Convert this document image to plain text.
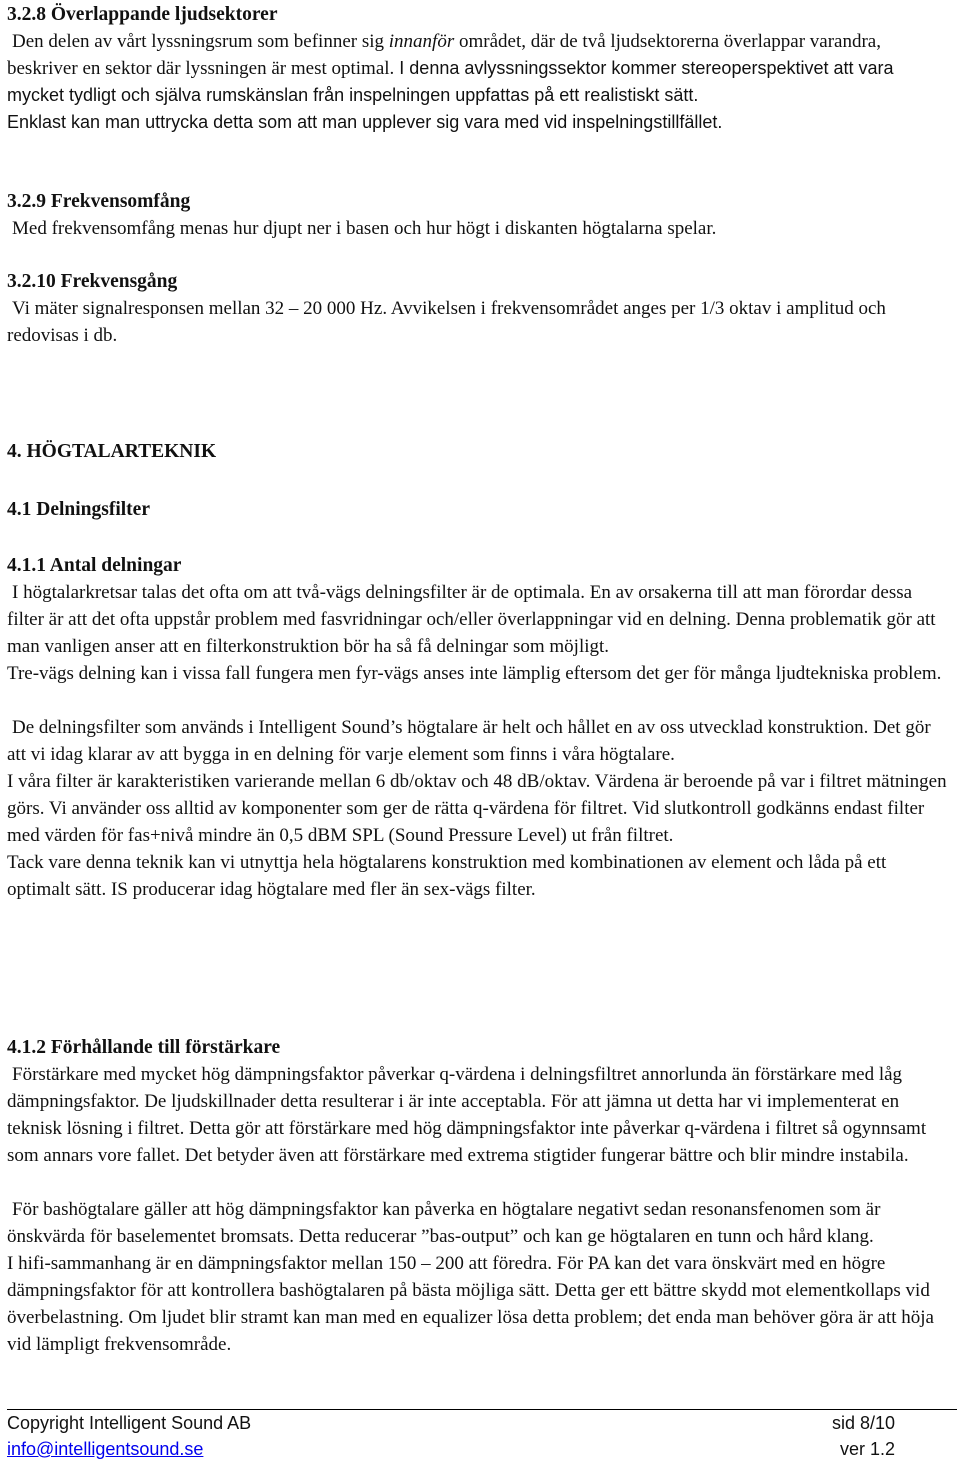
3.2.8 Överlappande ljudsektorer

Den delen av vårt lyssningsrum som befinner sig innanför området, där de två ljudsektorerna överlappar varandra, beskriver en sektor där lyssningen är mest optimal. I denna avlyssningssektor kommer stereoperspektivet att vara mycket tydligt och själva rumskänslan från inspelningen uppfattas på ett realistiskt sätt.

Enklast kan man uttrycka detta som att man upplever sig vara med vid inspelningstillfället.

3.2.9 Frekvensomfång

Med frekvensomfång menas hur djupt ner i basen och hur högt i diskanten högtalarna spelar.

3.2.10 Frekvensgång

Vi mäter signalresponsen mellan 32 – 20 000 Hz. Avvikelsen i frekvensområdet anges per 1/3 oktav i amplitud och redovisas i db.

4. HÖGTALARTEKNIK
4.1 Delningsfilter
4.1.1 Antal delningar

I högtalarkretsar talas det ofta om att två-vägs delningsfilter är de optimala. En av orsakerna till att man förordar dessa filter är att det ofta uppstår problem med fasvridningar och/eller överlappningar vid en delning. Denna problematik gör att man vanligen anser att en filterkonstruktion bör ha så få delningar som möjligt.

Tre-vägs delning kan i vissa fall fungera men fyr-vägs anses inte lämplig eftersom det ger för många ljudtekniska problem.

De delningsfilter som används i Intelligent Sound’s högtalare är helt och hållet en av oss utvecklad konstruktion. Det gör att vi idag klarar av att bygga in en delning för varje element som finns i våra högtalare.

I våra filter är karakteristiken varierande mellan 6 db/oktav och 48 dB/oktav. Värdena är beroende på var i filtret mätningen görs. Vi använder oss alltid av komponenter som ger de rätta q-värdena för filtret. Vid slutkontroll godkänns endast filter med värden för fas+nivå mindre än 0,5 dBM SPL (Sound Pressure Level) ut från filtret.

Tack vare denna teknik kan vi utnyttja hela högtalarens konstruktion med kombinationen av element och låda på ett optimalt sätt. IS producerar idag högtalare med fler än sex-vägs filter.

4.1.2 Förhållande till förstärkare

Förstärkare med mycket hög dämpningsfaktor påverkar q-värdena i delningsfiltret annorlunda än förstärkare med låg dämpningsfaktor. De ljudskillnader detta resulterar i är inte acceptabla. För att jämna ut detta har vi implementerat en teknisk lösning i filtret. Detta gör att förstärkare med hög dämpningsfaktor inte påverkar q-värdena i filtret så ogynnsamt som annars vore fallet. Det betyder även att förstärkare med extrema stigtider fungerar bättre och blir mindre instabila.

För bashögtalare gäller att hög dämpningsfaktor kan påverka en högtalare negativt sedan resonansfenomen som är önskvärda för baselementet bromsats. Detta reducerar ”bas-output” och kan ge högtalaren en tunn och hård klang.

I hifi-sammanhang är en dämpningsfaktor mellan 150 – 200 att föredra. För PA kan det vara önskvärt med en högre dämpningsfaktor för att kontrollera bashögtalaren på bästa möjliga sätt. Detta ger ett bättre skydd mot elementkollaps vid överbelastning. Om ljudet blir stramt kan man med en equalizer lösa detta problem; det enda man behöver göra är att höja vid lämpligt frekvensområde.

Copyright Intelligent Sound AB	sid 8/10
info@intelligentsound.se	ver 1.2
